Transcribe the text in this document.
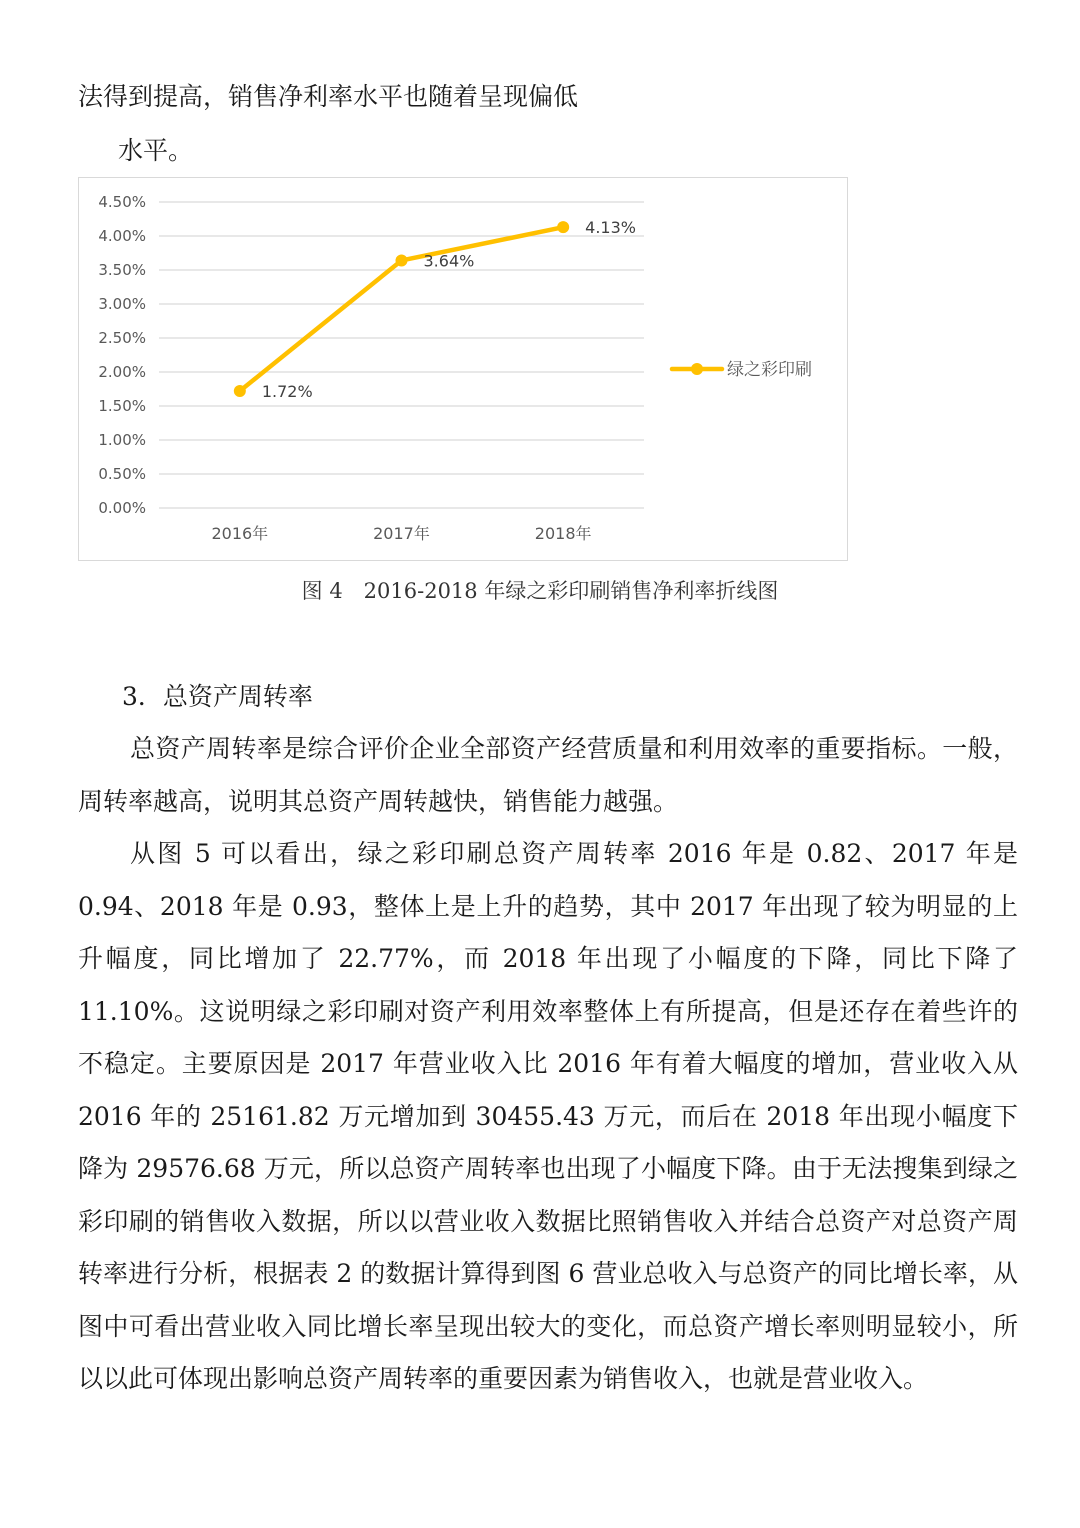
法得到提高，销售净利率水平也随着呈现偏低
水平。
0.00%
0.50%
1.00%
1.50%
2.00%
2.50%
3.00%
3.50%
4.00%
4.50%
2016年	2017年	2018年
1.72%
3.64%
4.13%
绿之彩印刷
图 4　2016-2018 年绿之彩印刷销售净利率折线图
3．总资产周转率
总资产周转率是综合评价企业全部资产经营质量和利用效率的重要指标。一般，周转率越高，说明其总资产周转越快，销售能力越强。
从图 5 可以看出，绿之彩印刷总资产周转率 2016 年是 0.82、2017 年是 0.94、2018 年是 0.93，整体上是上升的趋势，其中 2017 年出现了较为明显的上升幅度，同比增加了 22.77%，而 2018 年出现了小幅度的下降，同比下降了 11.10%。这说明绿之彩印刷对资产利用效率整体上有所提高，但是还存在着些许的不稳定。主要原因是 2017 年营业收入比 2016 年有着大幅度的增加，营业收入从 2016 年的 25161.82 万元增加到 30455.43 万元，而后在 2018 年出现小幅度下降为 29576.68 万元，所以总资产周转率也出现了小幅度下降。由于无法搜集到绿之彩印刷的销售收入数据，所以以营业收入数据比照销售收入并结合总资产对总资产周转率进行分析，根据表 2 的数据计算得到图 6 营业总收入与总资产的同比增长率，从图中可看出营业收入同比增长率呈现出较大的变化，而总资产增长率则明显较小，所以以此可体现出影响总资产周转率的重要因素为销售收入，也就是营业收入。
